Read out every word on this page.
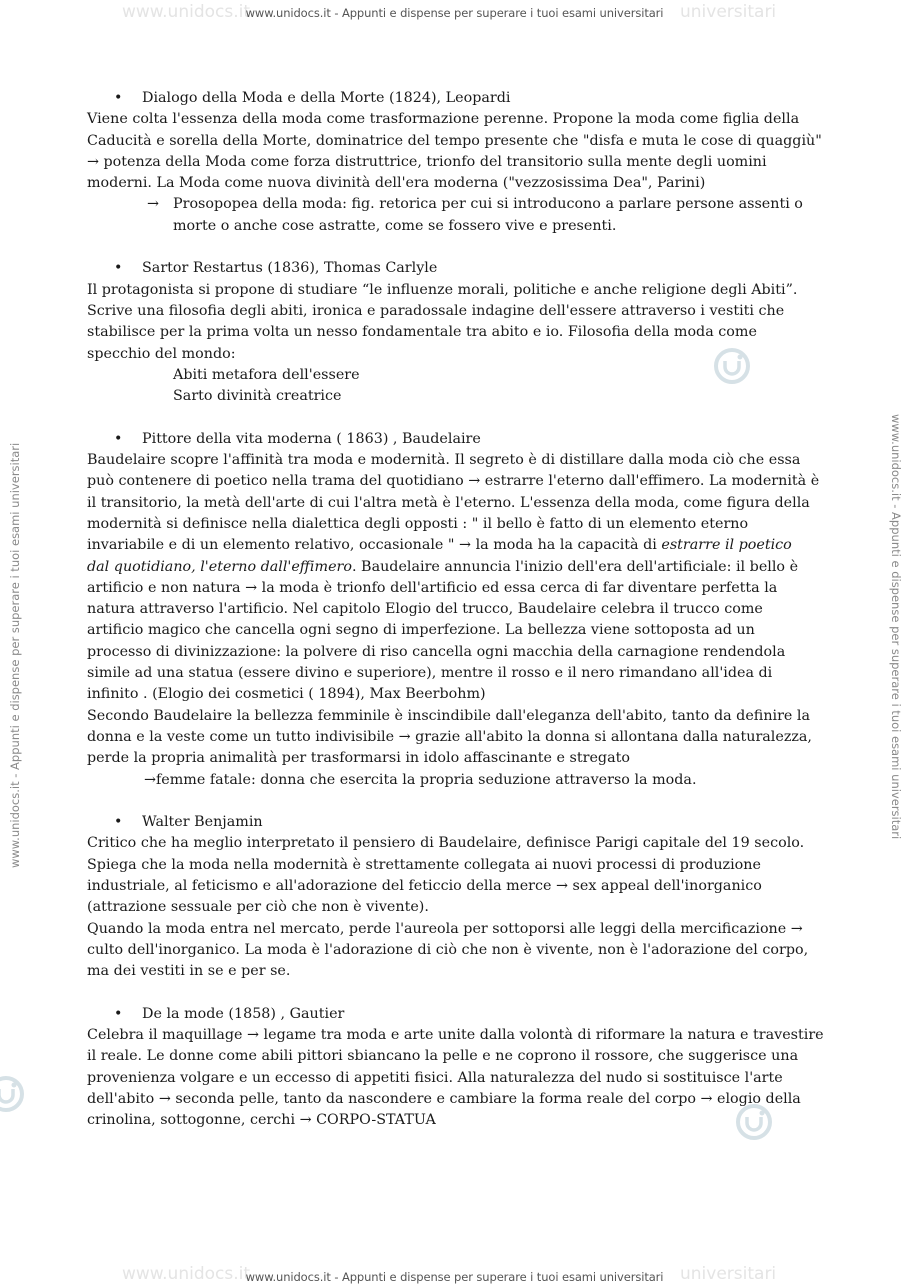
www.unidocs.it	universitari
www.unidocs.it - Appunti e dispense per superare i tuoi esami universitari
www.unidocs.it	universitari
www.unidocs.it - Appunti e dispense per superare i tuoi esami universitari
www.unidocs.it - Appunti e dispense per superare i tuoi esami universitari	www.unidocs.it - Appunti e dispense per superare i tuoi esami universitari

• Dialogo della Moda e della Morte (1824), Leopardi

Viene colta l'essenza della moda come trasformazione perenne. Propone la moda come figlia della

Caducità e sorella della Morte, dominatrice del tempo presente che "disfa e muta le cose di quaggiù"

→ potenza della Moda come forza distruttrice, trionfo del transitorio sulla mente degli uomini

moderni. La Moda come nuova divinità dell'era moderna ("vezzosissima Dea", Parini)

→ Prosopopea della moda: fig. retorica per cui si introducono a parlare persone assenti o

morte o anche cose astratte, come se fossero vive e presenti.

• Sartor Restartus (1836), Thomas Carlyle

Il protagonista si propone di studiare “le influenze morali, politiche e anche religione degli Abiti”.

Scrive una filosofia degli abiti, ironica e paradossale indagine dell'essere attraverso i vestiti che

stabilisce per la prima volta un nesso fondamentale tra abito e io. Filosofia della moda come

specchio del mondo:

Abiti metafora dell'essere

Sarto divinità creatrice

• Pittore della vita moderna ( 1863) , Baudelaire

Baudelaire scopre l'affinità tra moda e modernità. Il segreto è di distillare dalla moda ciò che essa

può contenere di poetico nella trama del quotidiano → estrarre l'eterno dall'effimero. La modernità è

il transitorio, la metà dell'arte di cui l'altra metà è l'eterno. L'essenza della moda, come figura della

modernità si definisce nella dialettica degli opposti : " il bello è fatto di un elemento eterno

invariabile e di un elemento relativo, occasionale " → la moda ha la capacità di estrarre il poetico

dal quotidiano, l'eterno dall'effimero. Baudelaire annuncia l'inizio dell'era dell'artificiale: il bello è

artificio e non natura → la moda è trionfo dell'artificio ed essa cerca di far diventare perfetta la

natura attraverso l'artificio. Nel capitolo Elogio del trucco, Baudelaire celebra il trucco come

artificio magico che cancella ogni segno di imperfezione. La bellezza viene sottoposta ad un

processo di divinizzazione: la polvere di riso cancella ogni macchia della carnagione rendendola

simile ad una statua (essere divino e superiore), mentre il rosso e il nero rimandano all'idea di

infinito . (Elogio dei cosmetici ( 1894), Max Beerbohm)

Secondo Baudelaire la bellezza femminile è inscindibile dall'eleganza dell'abito, tanto da definire la

donna e la veste come un tutto indivisibile → grazie all'abito la donna si allontana dalla naturalezza,

perde la propria animalità per trasformarsi in idolo affascinante e stregato

→femme fatale: donna che esercita la propria seduzione attraverso la moda.

• Walter Benjamin

Critico che ha meglio interpretato il pensiero di Baudelaire, definisce Parigi capitale del 19 secolo.

Spiega che la moda nella modernità è strettamente collegata ai nuovi processi di produzione

industriale, al feticismo e all'adorazione del feticcio della merce → sex appeal dell'inorganico

(attrazione sessuale per ciò che non è vivente).

Quando la moda entra nel mercato, perde l'aureola per sottoporsi alle leggi della mercificazione →

culto dell'inorganico. La moda è l'adorazione di ciò che non è vivente, non è l'adorazione del corpo,

ma dei vestiti in se e per se.

• De la mode (1858) , Gautier

Celebra il maquillage → legame tra moda e arte unite dalla volontà di riformare la natura e travestire

il reale. Le donne come abili pittori sbiancano la pelle e ne coprono il rossore, che suggerisce una

provenienza volgare e un eccesso di appetiti fisici. Alla naturalezza del nudo si sostituisce l'arte

dell'abito → seconda pelle, tanto da nascondere e cambiare la forma reale del corpo → elogio della

crinolina, sottogonne, cerchi → CORPO-STATUA
